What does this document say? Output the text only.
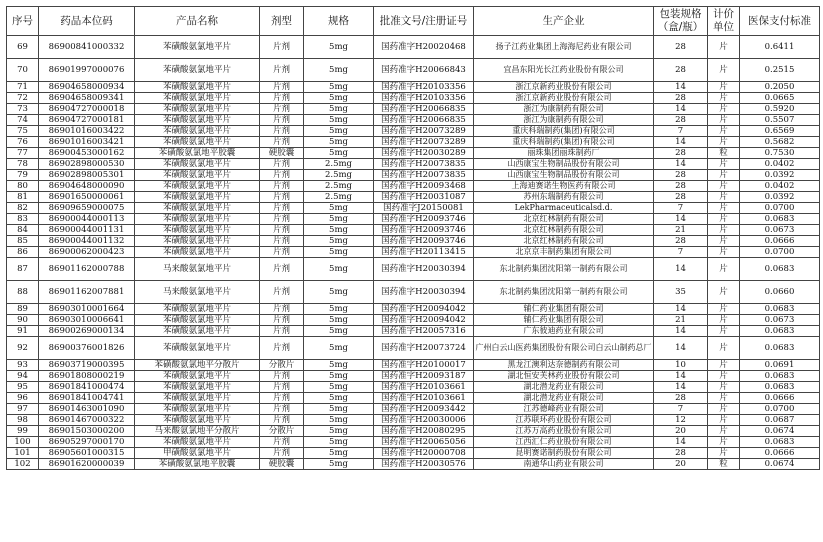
序号	药品本位码	产品名称	剂型	规格	批准文号/注册证号	生产企业	包装规格（盒/瓶）	计价单位	医保支付标准
69	86900841000332	苯磺酸氨氯地平片	片剂	5mg	国药准字H20020468	扬子江药业集团上海海尼药业有限公司	28	片	0.6411
70	86901997000076	苯磺酸氨氯地平片	片剂	5mg	国药准字H20066843	宜昌东阳光长江药业股份有限公司	28	片	0.2515
71	86904658000934	苯磺酸氨氯地平片	片剂	5mg	国药准字H20103356	浙江京新药业股份有限公司	14	片	0.2050
72	86904658009341	苯磺酸氨氯地平片	片剂	5mg	国药准字H20103356	浙江京新药业股份有限公司	28	片	0.0665
73	86904727000018	苯磺酸氨氯地平片	片剂	5mg	国药准字H20066835	浙江为康制药有限公司	14	片	0.5920
74	86904727000181	苯磺酸氨氯地平片	片剂	5mg	国药准字H20066835	浙江为康制药有限公司	28	片	0.5507
75	86901016003422	苯磺酸氨氯地平片	片剂	5mg	国药准字H20073289	重庆科瑞制药(集团)有限公司	7	片	0.6569
76	86901016003421	苯磺酸氨氯地平片	片剂	5mg	国药准字H20073289	重庆科瑞制药(集团)有限公司	14	片	0.5682
77	86900453000162	苯磺酸氨氯地平胶囊	硬胶囊	5mg	国药准字H20030289	丽珠集团丽珠制药厂	28	粒	0.7530
78	86902898000530	苯磺酸氨氯地平片	片剂	2.5mg	国药准字H20073835	山西康宝生物制品股份有限公司	14	片	0.0402
79	86902898005301	苯磺酸氨氯地平片	片剂	2.5mg	国药准字H20073835	山西康宝生物制品股份有限公司	28	片	0.0392
80	86904648000090	苯磺酸氨氯地平片	片剂	2.5mg	国药准字H20093468	上海迪赛诺生物医药有限公司	28	片	0.0402
81	86901650000061	苯磺酸氨氯地平片	片剂	2.5mg	国药准字H20031087	苏州东瑞制药有限公司	28	片	0.0392
82	86909659000075	苯磺酸氨氯地平片	片剂	5mg	国药准字J20150081	LekPharmaceuticalsd.d.	7	片	0.0700
83	86900044000113	苯磺酸氨氯地平片	片剂	5mg	国药准字H20093746	北京红林制药有限公司	14	片	0.0683
84	86900044001131	苯磺酸氨氯地平片	片剂	5mg	国药准字H20093746	北京红林制药有限公司	21	片	0.0673
85	86900044001132	苯磺酸氨氯地平片	片剂	5mg	国药准字H20093746	北京红林制药有限公司	28	片	0.0666
86	86900062000423	苯磺酸氨氯地平片	片剂	5mg	国药准字H20113415	北京京丰制药集团有限公司	7	片	0.0700
87	86901162000788	马来酸氨氯地平片	片剂	5mg	国药准字H20030394	东北制药集团沈阳第一制药有限公司	14	片	0.0683
88	86901162007881	马来酸氨氯地平片	片剂	5mg	国药准字H20030394	东北制药集团沈阳第一制药有限公司	35	片	0.0660
89	86903010001664	苯磺酸氨氯地平片	片剂	5mg	国药准字H20094042	辅仁药业集团有限公司	14	片	0.0683
90	86903010006641	苯磺酸氨氯地平片	片剂	5mg	国药准字H20094042	辅仁药业集团有限公司	21	片	0.0673
91	86900269000134	苯磺酸氨氯地平片	片剂	5mg	国药准字H20057316	广东彼迪药业有限公司	14	片	0.0683
92	86900376001826	苯磺酸氨氯地平片	片剂	5mg	国药准字H20073724	广州白云山医药集团股份有限公司白云山制药总厂	14	片	0.0683
93	86903719000395	苯磺酸氨氯地平分散片	分散片	5mg	国药准字H20100017	黑龙江澳利达奈德制药有限公司	10	片	0.0691
94	86901808000219	苯磺酸氨氯地平片	片剂	5mg	国药准字H20093187	湖北恒安芙林药业股份有限公司	14	片	0.0683
95	86901841000474	苯磺酸氨氯地平片	片剂	5mg	国药准字H20103661	湖北潜龙药业有限公司	14	片	0.0683
96	86901841004741	苯磺酸氨氯地平片	片剂	5mg	国药准字H20103661	湖北潜龙药业有限公司	28	片	0.0666
97	86901463001090	苯磺酸氨氯地平片	片剂	5mg	国药准字H20093442	江苏德峰药业有限公司	7	片	0.0700
98	86901467000322	苯磺酸氨氯地平片	片剂	5mg	国药准字H20030006	江苏联环药业股份有限公司	12	片	0.0687
99	86901503000200	马来酸氨氯地平分散片	分散片	5mg	国药准字H20080295	江苏万高药业股份有限公司	20	片	0.0674
100	86905297000170	苯磺酸氨氯地平片	片剂	5mg	国药准字H20065056	江西汇仁药业股份有限公司	14	片	0.0683
101	86905601000315	甲磺酸氨氯地平片	片剂	5mg	国药准字H20000708	昆明赛诺制药股份有限公司	28	片	0.0666
102	86901620000039	苯磺酸氨氯地平胶囊	硬胶囊	5mg	国药准字H20030576	南通华山药业有限公司	20	粒	0.0674
